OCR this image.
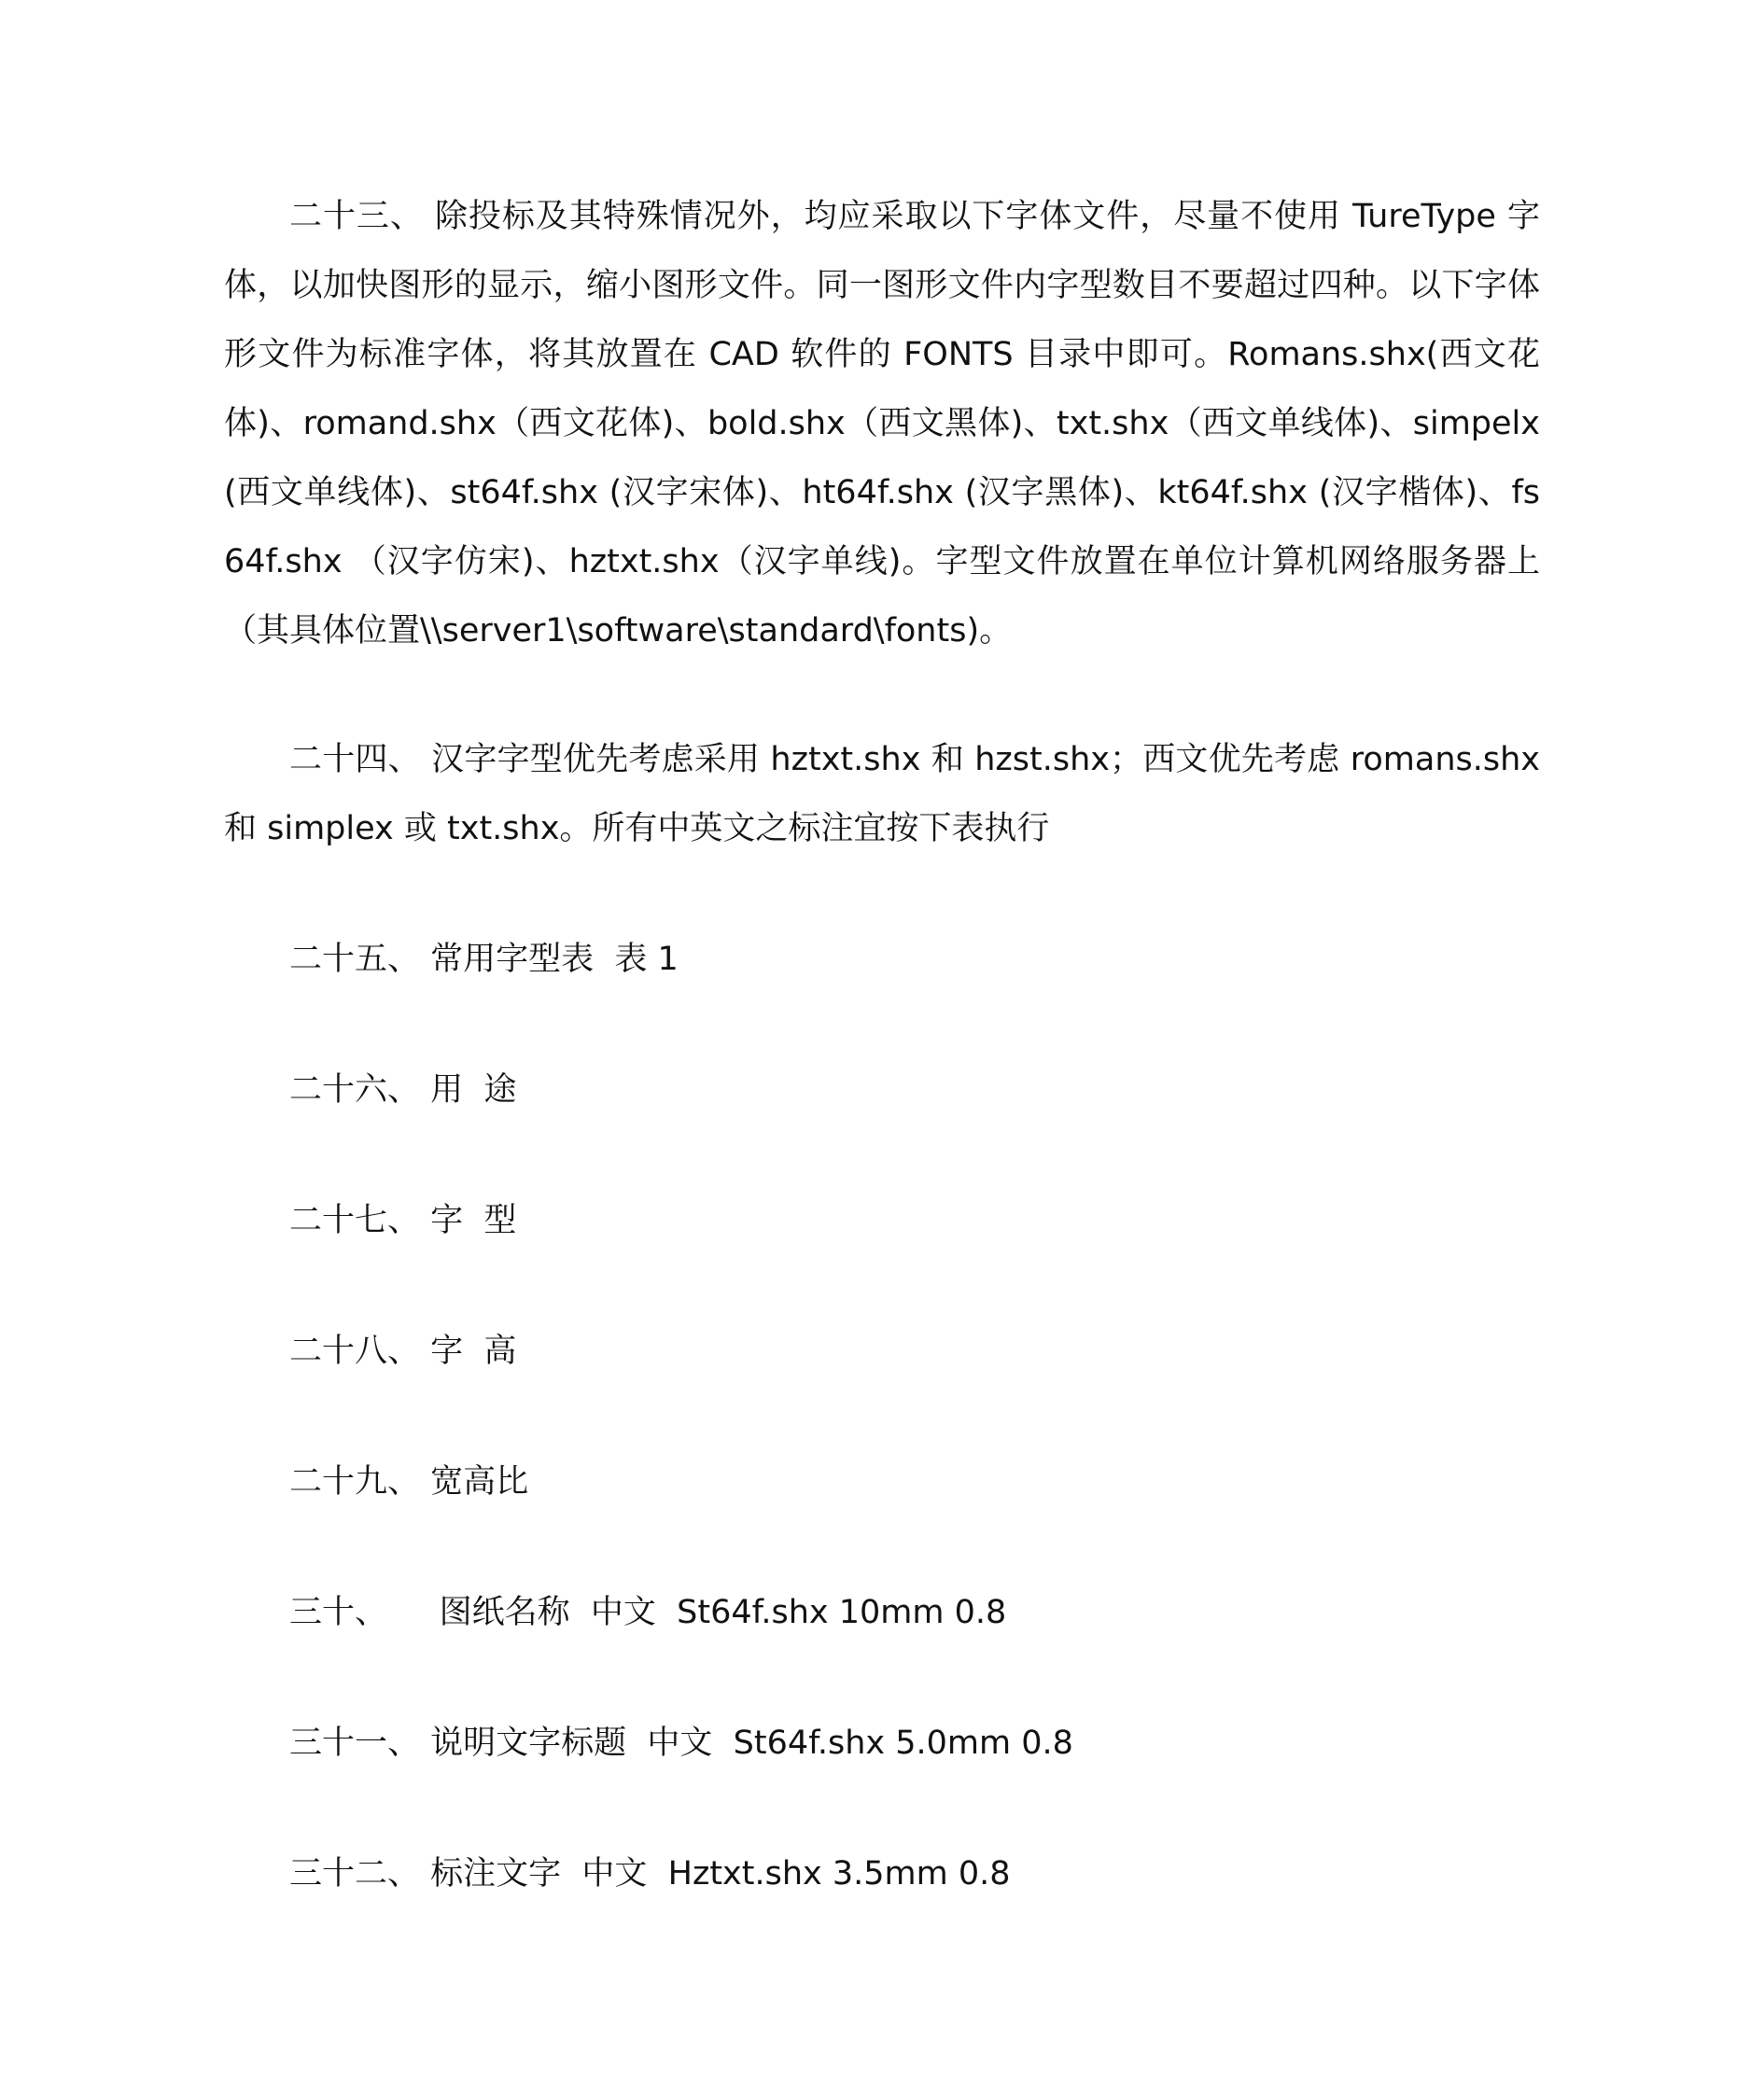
二十三、 除投标及其特殊情况外，均应采取以下字体文件，尽量不使用 TureType 字体，以加快图形的显示，缩小图形文件。同一图形文件内字型数目不要超过四种。以下字体形文件为标准字体，将其放置在 CAD 软件的 FONTS 目录中即可。Romans.shx(西文花体)、romand.shx（西文花体)、bold.shx（西文黑体)、txt.shx（西文单线体)、simpelx(西文单线体)、st64f.shx (汉字宋体)、ht64f.shx (汉字黑体)、kt64f.shx (汉字楷体)、fs64f.shx （汉字仿宋)、hztxt.shx（汉字单线)。字型文件放置在单位计算机网络服务器上（其具体位置\\server1\software\standard\fonts)。

二十四、 汉字字型优先考虑采用 hztxt.shx 和 hzst.shx；西文优先考虑 romans.shx 和 simplex 或 txt.shx。所有中英文之标注宜按下表执行

二十五、 常用字型表  表 1
二十六、 用  途
二十七、 字  型
二十八、 字  高
二十九、 宽高比
三十、     图纸名称  中文  St64f.shx 10mm 0.8
三十一、 说明文字标题  中文  St64f.shx 5.0mm 0.8
三十二、 标注文字  中文  Hztxt.shx 3.5mm 0.8
